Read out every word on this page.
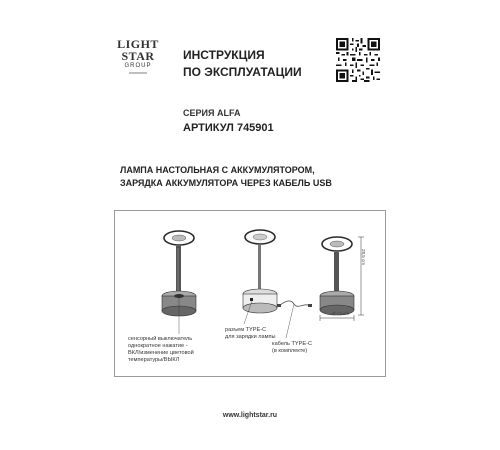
LIGHT
STAR
GROUP
ИНСТРУКЦИЯ
ПО ЭКСПЛУАТАЦИИ
СЕРИЯ ALFA
АРТИКУЛ 745901
ЛАМПА НАСТОЛЬНАЯ С АККУМУЛЯТОРОМ,
ЗАРЯДКА АККУМУЛЯТОРА ЧЕРЕЗ КАБЕЛЬ USB
сенсорный выключатель
однократное нажатие -
ВКЛ/изменение цветовой
температуры/ВЫКЛ
разъем TYPE-C
для зарядки лампы
кабель TYPE-C
(в комплекте)
28,5 cm
Ø 13 cm
www.lightstar.ru
